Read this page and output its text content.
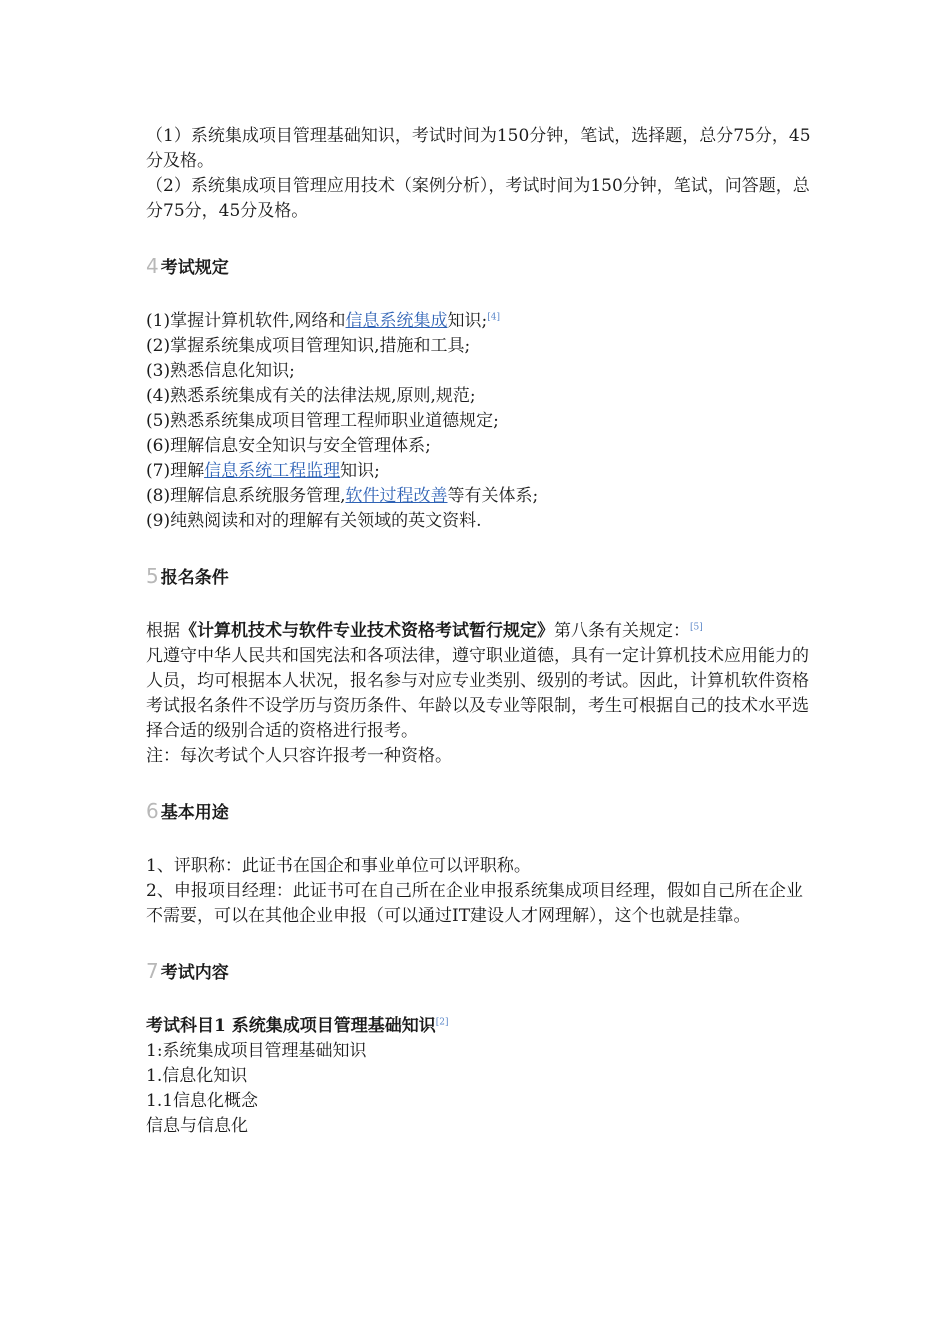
（1）系统集成项目管理基础知识，考试时间为150分钟，笔试，选择题，总分75分，45分及格。

（2）系统集成项目管理应用技术（案例分析），考试时间为150分钟，笔试，问答题，总分75分，45分及格。

4 考试规定

(1)掌握计算机软件,网络和信息系统集成知识;[4]

(2)掌握系统集成项目管理知识,措施和工具;

(3)熟悉信息化知识;

(4)熟悉系统集成有关的法律法规,原则,规范;

(5)熟悉系统集成项目管理工程师职业道德规定;

(6)理解信息安全知识与安全管理体系;

(7)理解信息系统工程监理知识;

(8)理解信息系统服务管理,软件过程改善等有关体系;

(9)纯熟阅读和对的理解有关领域的英文资料.

5 报名条件

根据《计算机技术与软件专业技术资格考试暂行规定》第八条有关规定：[5]

凡遵守中华人民共和国宪法和各项法律，遵守职业道德，具有一定计算机技术应用能力的人员，均可根据本人状况，报名参与对应专业类别、级别的考试。因此，计算机软件资格考试报名条件不设学历与资历条件、年龄以及专业等限制，考生可根据自己的技术水平选择合适的级别合适的资格进行报考。

注：每次考试个人只容许报考一种资格。

6 基本用途

1、评职称：此证书在国企和事业单位可以评职称。

2、申报项目经理：此证书可在自己所在企业申报系统集成项目经理，假如自己所在企业不需要，可以在其他企业申报（可以通过IT建设人才网理解），这个也就是挂靠。

7 考试内容

考试科目1 系统集成项目管理基础知识[2]

1:系统集成项目管理基础知识

1.信息化知识

1.1信息化概念

信息与信息化
